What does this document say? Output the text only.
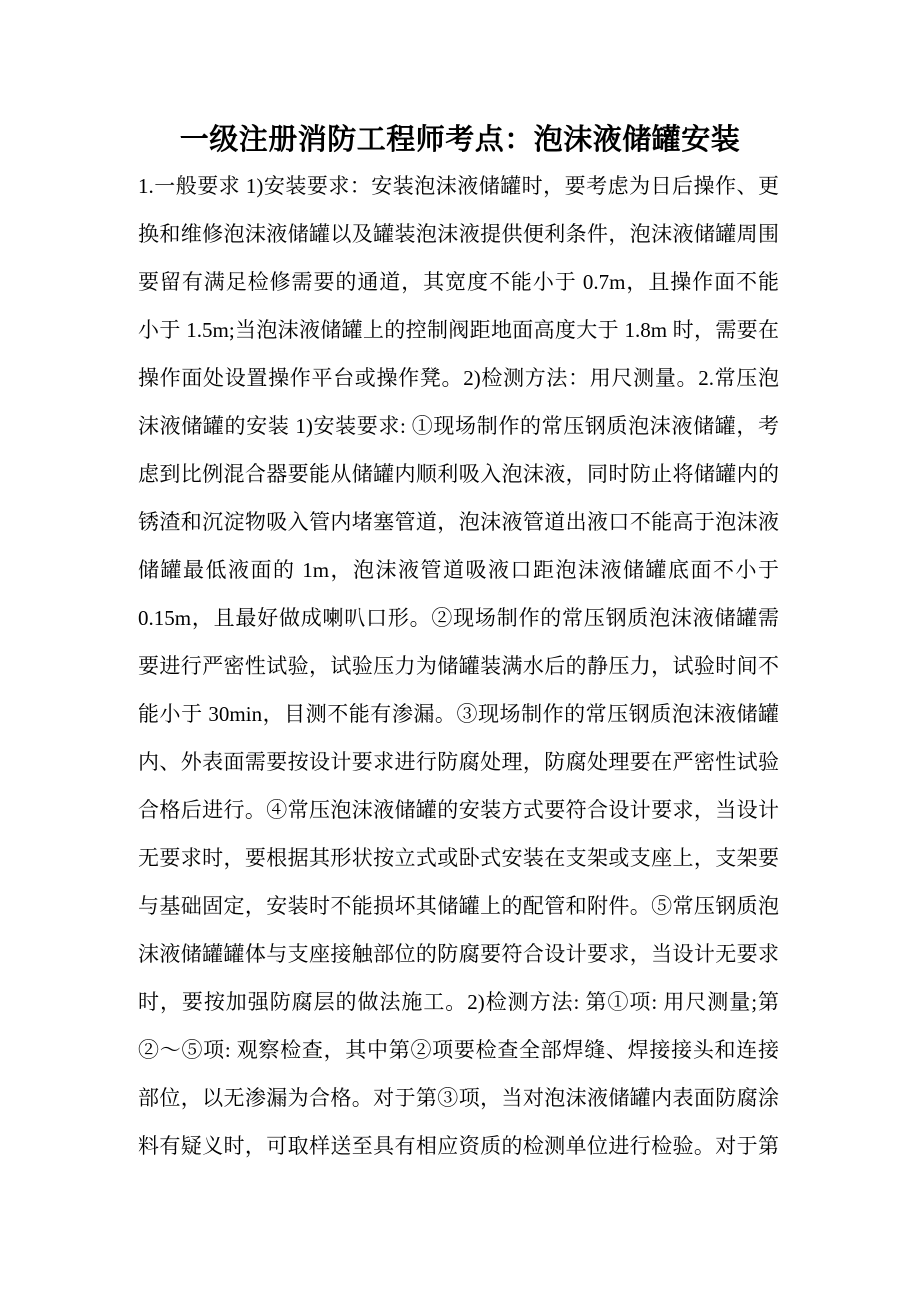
一级注册消防工程师考点：泡沫液储罐安装
1.一般要求 1)安装要求：安装泡沫液储罐时，要考虑为日后操作、更
换和维修泡沫液储罐以及罐装泡沫液提供便利条件，泡沫液储罐周围
要留有满足检修需要的通道，其宽度不能小于 0.7m，且操作面不能
小于 1.5m;当泡沫液储罐上的控制阀距地面高度大于 1.8m 时，需要在
操作面处设置操作平台或操作凳。2)检测方法：用尺测量。2.常压泡
沫液储罐的安装 1)安装要求: ①现场制作的常压钢质泡沫液储罐，考
虑到比例混合器要能从储罐内顺利吸入泡沫液，同时防止将储罐内的
锈渣和沉淀物吸入管内堵塞管道，泡沫液管道出液口不能高于泡沫液
储罐最低液面的 1m，泡沫液管道吸液口距泡沫液储罐底面不小于
0.15m，且最好做成喇叭口形。②现场制作的常压钢质泡沫液储罐需
要进行严密性试验，试验压力为储罐装满水后的静压力，试验时间不
能小于 30min，目测不能有渗漏。③现场制作的常压钢质泡沫液储罐
内、外表面需要按设计要求进行防腐处理，防腐处理要在严密性试验
合格后进行。④常压泡沫液储罐的安装方式要符合设计要求，当设计
无要求时，要根据其形状按立式或卧式安装在支架或支座上，支架要
与基础固定，安装时不能损坏其储罐上的配管和附件。⑤常压钢质泡
沫液储罐罐体与支座接触部位的防腐要符合设计要求，当设计无要求
时，要按加强防腐层的做法施工。2)检测方法: 第①项: 用尺测量;第
②～⑤项: 观察检查，其中第②项要检查全部焊缝、焊接接头和连接
部位，以无渗漏为合格。对于第③项，当对泡沫液储罐内表面防腐涂
料有疑义时，可取样送至具有相应资质的检测单位进行检验。对于第
